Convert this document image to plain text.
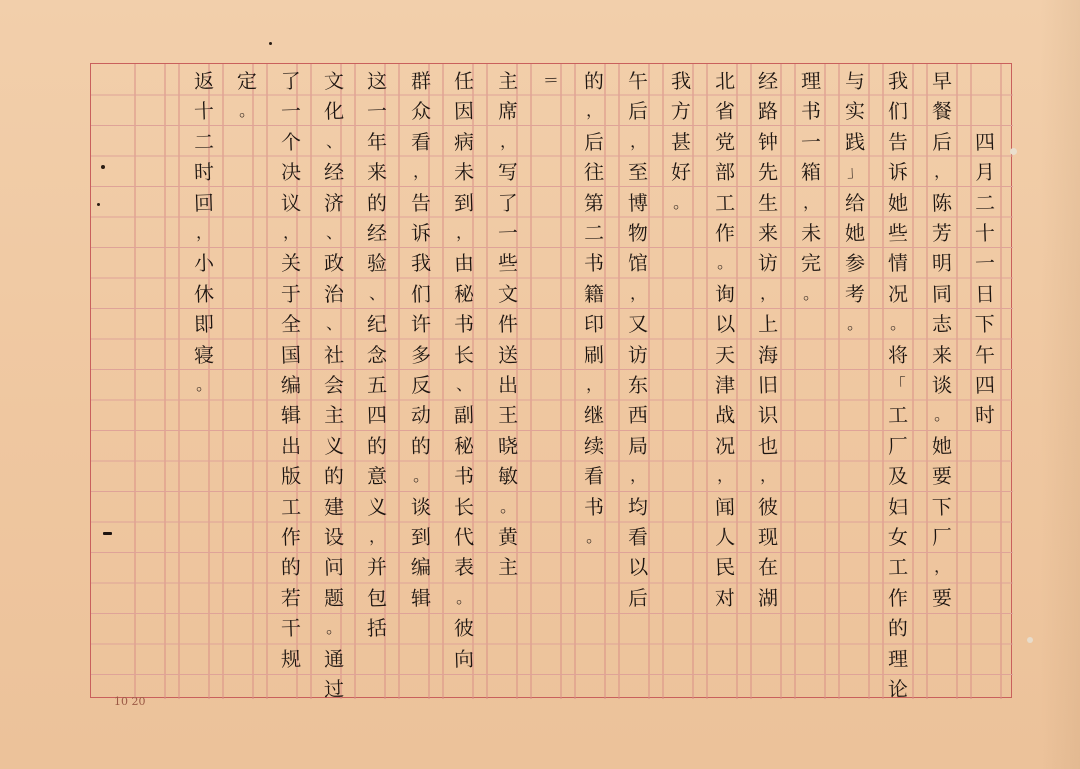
四
月
二
十
一
日
下
午
四
时
早
餐
后
，
陈
芳
明
同
志
来
谈
。
她
要
下
厂
，
要
我
们
告
诉
她
些
情
况
。
将
「
工
厂
及
妇
女
工
作
的
理
论
与
实
践
」
给
她
参
考
。
理
书
一
箱
，
未
完
。
经
路
钟
先
生
来
访
，
上
海
旧
识
也
，
彼
现
在
湖
北
省
党
部
工
作
。
询
以
天
津
战
况
，
闻
人
民
对
我
方
甚
好
。
午
后
，
至
博
物
馆
，
又
访
东
西
局
，
均
看
以
后
的
，
后
往
第
二
书
籍
印
刷
，
继
续
看
书
。
＝
主
席
，
写
了
一
些
文
件
送
出
王
晓
敏
。
黄
主
任
因
病
未
到
，
由
秘
书
长
、
副
秘
书
长
代
表
。
彼
向
群
众
看
，
告
诉
我
们
许
多
反
动
的
。
谈
到
编
辑
这
一
年
来
的
经
验
、
纪
念
五
四
的
意
义
，
并
包
括
文
化
、
经
济
、
政
治
、
社
会
主
义
的
建
设
问
题
。
通
过
了
一
个
决
议
，
关
于
全
国
编
辑
出
版
工
作
的
若
干
规
定
。
返
十
二
时
回
，
小
休
即
寝
。
10 20
